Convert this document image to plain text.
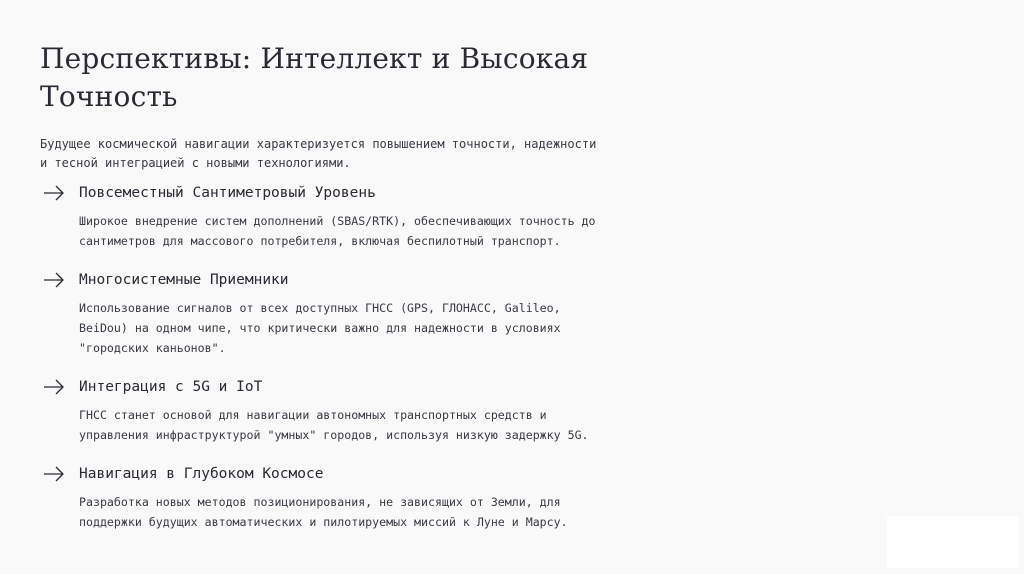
Перспективы: Интеллект и Высокая Точность

Будущее космической навигации характеризуется повышением точности, надежности и тесной интеграцией с новыми технологиями.

Повсеместный Сантиметровый Уровень

Широкое внедрение систем дополнений (SBAS/RTK), обеспечивающих точность до сантиметров для массового потребителя, включая беспилотный транспорт.

Многосистемные Приемники

Использование сигналов от всех доступных ГНСС (GPS, ГЛОНАСС, Galileo, BeiDou) на одном чипе, что критически важно для надежности в условиях "городских каньонов".

Интеграция с 5G и IoT

ГНСС станет основой для навигации автономных транспортных средств и управления инфраструктурой "умных" городов, используя низкую задержку 5G.

Навигация в Глубоком Космосе

Разработка новых методов позиционирования, не зависящих от Земли, для поддержки будущих автоматических и пилотируемых миссий к Луне и Марсу.
